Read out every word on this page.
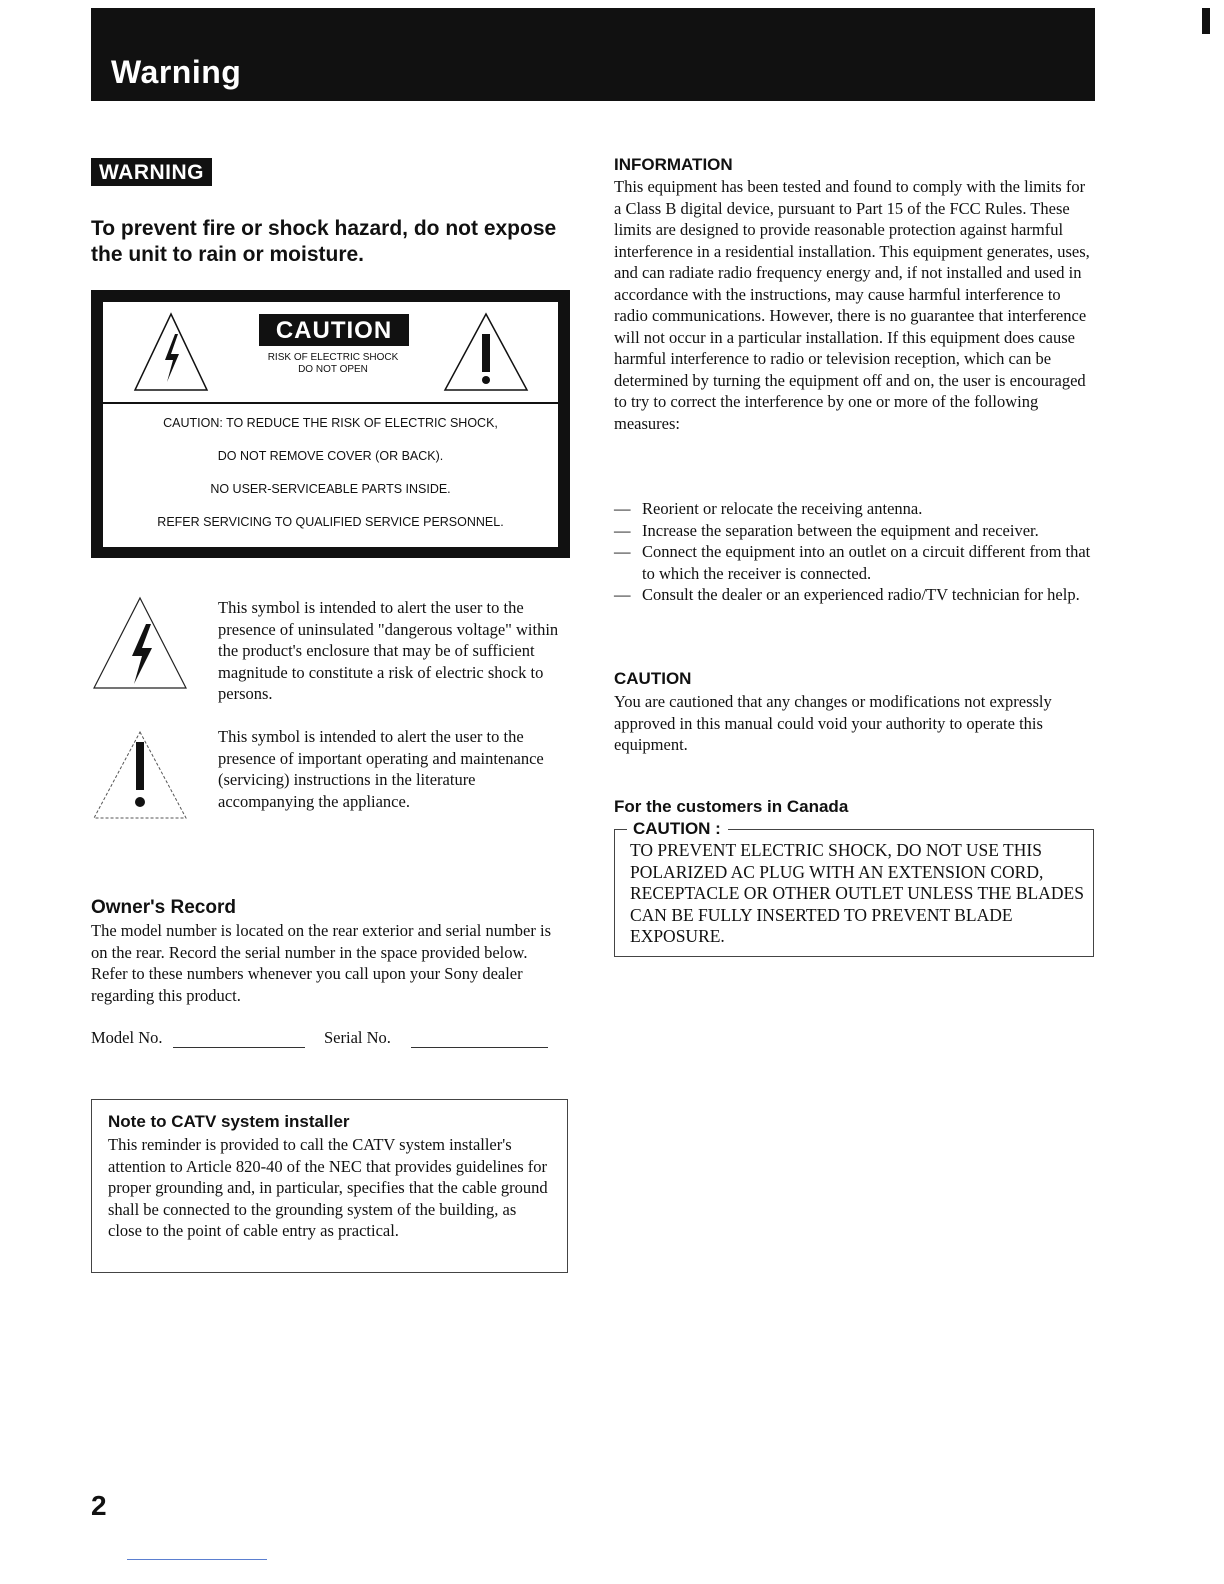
Warning
WARNING
To prevent fire or shock hazard, do not expose the unit to rain or moisture.
CAUTION
RISK OF ELECTRIC SHOCK
DO NOT OPEN
CAUTION: TO REDUCE THE RISK OF ELECTRIC SHOCK,
DO NOT REMOVE COVER (OR BACK).
NO USER-SERVICEABLE PARTS INSIDE.
REFER SERVICING TO QUALIFIED SERVICE PERSONNEL.
This symbol is intended to alert the user to the presence of uninsulated "dangerous voltage" within the product's enclosure that may be of sufficient magnitude to constitute a risk of electric shock to persons.
This symbol is intended to alert the user to the presence of important operating and maintenance (servicing) instructions in the literature accompanying the appliance.
Owner's Record
The model number is located on the rear exterior and serial number is on the rear. Record the serial number in the space provided below. Refer to these numbers whenever you call upon your Sony dealer regarding this product.
Model No.	Serial No.
Note to CATV system installer
This reminder is provided to call the CATV system installer's attention to Article 820-40 of the NEC that provides guidelines for proper grounding and, in particular, specifies that the cable ground shall be connected to the grounding system of the building, as close to the point of cable entry as practical.
2
INFORMATION
This equipment has been tested and found to comply with the limits for a Class B digital device, pursuant to Part 15 of the FCC Rules. These limits are designed to provide reasonable protection against harmful interference in a residential installation. This equipment generates, uses, and can radiate radio frequency energy and, if not installed and used in accordance with the instructions, may cause harmful interference to radio communications. However, there is no guarantee that interference will not occur in a particular installation. If this equipment does cause harmful interference to radio or television reception, which can be determined by turning the equipment off and on, the user is encouraged to try to correct the interference by one or more of the following measures:
— Reorient or relocate the receiving antenna.
— Increase the separation between the equipment and receiver.
— Connect the equipment into an outlet on a circuit different from that to which the receiver is connected.
— Consult the dealer or an experienced radio/TV technician for help.
CAUTION
You are cautioned that any changes or modifications not expressly approved in this manual could void your authority to operate this equipment.
For the customers in Canada
CAUTION :
TO PREVENT ELECTRIC SHOCK, DO NOT USE THIS POLARIZED AC PLUG WITH AN EXTENSION CORD, RECEPTACLE OR OTHER OUTLET UNLESS THE BLADES CAN BE FULLY INSERTED TO PREVENT BLADE EXPOSURE.
